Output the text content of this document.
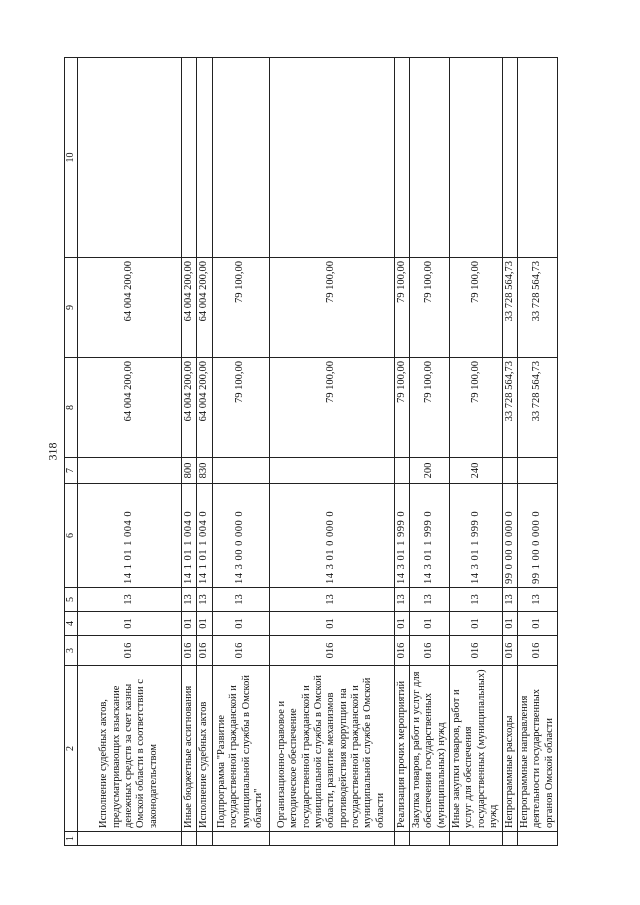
318
1	2	3	4	5	6	7	8	9	10
	Исполнение судебных актов, предусматривающих взыскание денежных средств за счет казны Омской области в соответствии с законодательством	016	01	13	14 1 01 1 004 0		64 004 200,00	64 004 200,00	
	Иные бюджетные ассигнования	016	01	13	14 1 01 1 004 0	800	64 004 200,00	64 004 200,00	
	Исполнение судебных актов	016	01	13	14 1 01 1 004 0	830	64 004 200,00	64 004 200,00	
	Подпрограмма "Развитие государственной гражданской и муниципальной службы в Омской области"	016	01	13	14 3 00 0 000 0		79 100,00	79 100,00	
	Организационно-правовое и методическое обеспечение государственной гражданской и муниципальной службы в Омской области, развитие механизмов противодействия коррупции на государственной гражданской и муниципальной службе в Омской области	016	01	13	14 3 01 0 000 0		79 100,00	79 100,00	
	Реализация прочих мероприятий	016	01	13	14 3 01 1 999 0		79 100,00	79 100,00	
	Закупка товаров, работ и услуг для обеспечения государственных (муниципальных) нужд	016	01	13	14 3 01 1 999 0	200	79 100,00	79 100,00	
	Иные закупки товаров, работ и услуг для обеспечения государственных (муниципальных) нужд	016	01	13	14 3 01 1 999 0	240	79 100,00	79 100,00	
	Непрограммные расходы	016	01	13	99 0 00 0 000 0		33 728 564,73	33 728 564,73	
	Непрограммные направления деятельности государственных органов Омской области	016	01	13	99 1 00 0 000 0		33 728 564,73	33 728 564,73	
